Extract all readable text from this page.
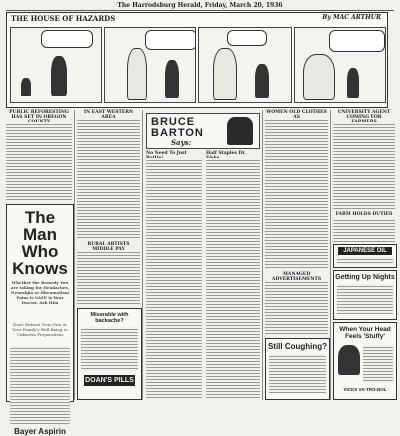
The Harrodsburg Herald, Friday, March 20, 1936
THE HOUSE OF HAZARDS	By MAC ARTHUR
PUBLIC REFORESTING HAS SET IN OREGON
The Man Who Knows
Whether the Remedy You are taking for Headaches, Neuralgia or Rheumatism Pains is SAFE is Your Doctor. Ask Him
Don't Entrust Your Own or Your Family's Well-Being to Unknown Preparations
Bayer Aspirin
IN EAST WESTERN
RURAL ARTISTS
Miserable with backache?
DOAN'S PILLS
BRUCE
BARTON
Says:
No Need To Just	Half Staples Dr.
WOMEN OLD CLOTHES
MANAGED
Still Coughing?
UNIVERSITY AGENT COMING FOR
FARM HOLDS DUTIES
JAPANESE OIL
Getting Up Nights
When Your Head Feels 'Stuffy'
VICKS VA-TRO-NOL
